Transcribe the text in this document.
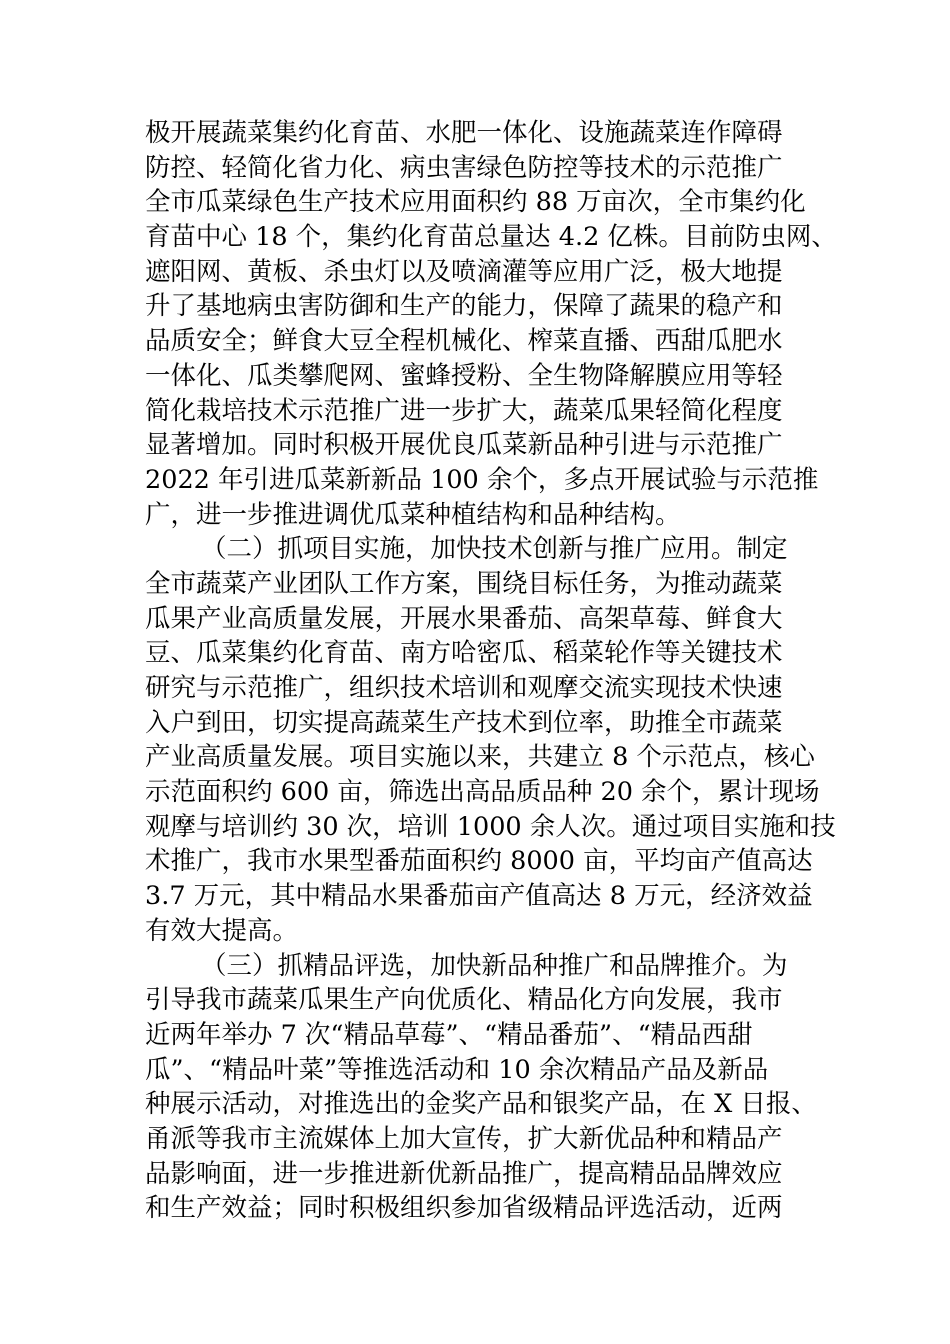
极开展蔬菜集约化育苗、水肥一体化、设施蔬菜连作障碍
防控、轻简化省力化、病虫害绿色防控等技术的示范推广
全市瓜菜绿色生产技术应用面积约 88 万亩次，全市集约化
育苗中心 18 个，集约化育苗总量达 4.2 亿株。目前防虫网、
遮阳网、黄板、杀虫灯以及喷滴灌等应用广泛，极大地提
升了基地病虫害防御和生产的能力，保障了蔬果的稳产和
品质安全；鲜食大豆全程机械化、榨菜直播、西甜瓜肥水
一体化、瓜类攀爬网、蜜蜂授粉、全生物降解膜应用等轻
简化栽培技术示范推广进一步扩大，蔬菜瓜果轻简化程度
显著增加。同时积极开展优良瓜菜新品种引进与示范推广
2022 年引进瓜菜新新品 100 余个，多点开展试验与示范推
广，进一步推进调优瓜菜种植结构和品种结构。
（二）抓项目实施，加快技术创新与推广应用。制定
全市蔬菜产业团队工作方案，围绕目标任务，为推动蔬菜
瓜果产业高质量发展，开展水果番茄、高架草莓、鲜食大
豆、瓜菜集约化育苗、南方哈密瓜、稻菜轮作等关键技术
研究与示范推广，组织技术培训和观摩交流实现技术快速
入户到田，切实提高蔬菜生产技术到位率，助推全市蔬菜
产业高质量发展。项目实施以来，共建立 8 个示范点，核心
示范面积约 600 亩，筛选出高品质品种 20 余个，累计现场
观摩与培训约 30 次，培训 1000 余人次。通过项目实施和技
术推广，我市水果型番茄面积约 8000 亩，平均亩产值高达
3.7 万元，其中精品水果番茄亩产值高达 8 万元，经济效益
有效大提高。
（三）抓精品评选，加快新品种推广和品牌推介。为
引导我市蔬菜瓜果生产向优质化、精品化方向发展，我市
近两年举办 7 次“精品草莓”、“精品番茄”、“精品西甜
瓜”、“精品叶菜”等推选活动和 10 余次精品产品及新品
种展示活动，对推选出的金奖产品和银奖产品，在 X 日报、
甬派等我市主流媒体上加大宣传，扩大新优品种和精品产
品影响面，进一步推进新优新品推广，提高精品品牌效应
和生产效益；同时积极组织参加省级精品评选活动，近两
